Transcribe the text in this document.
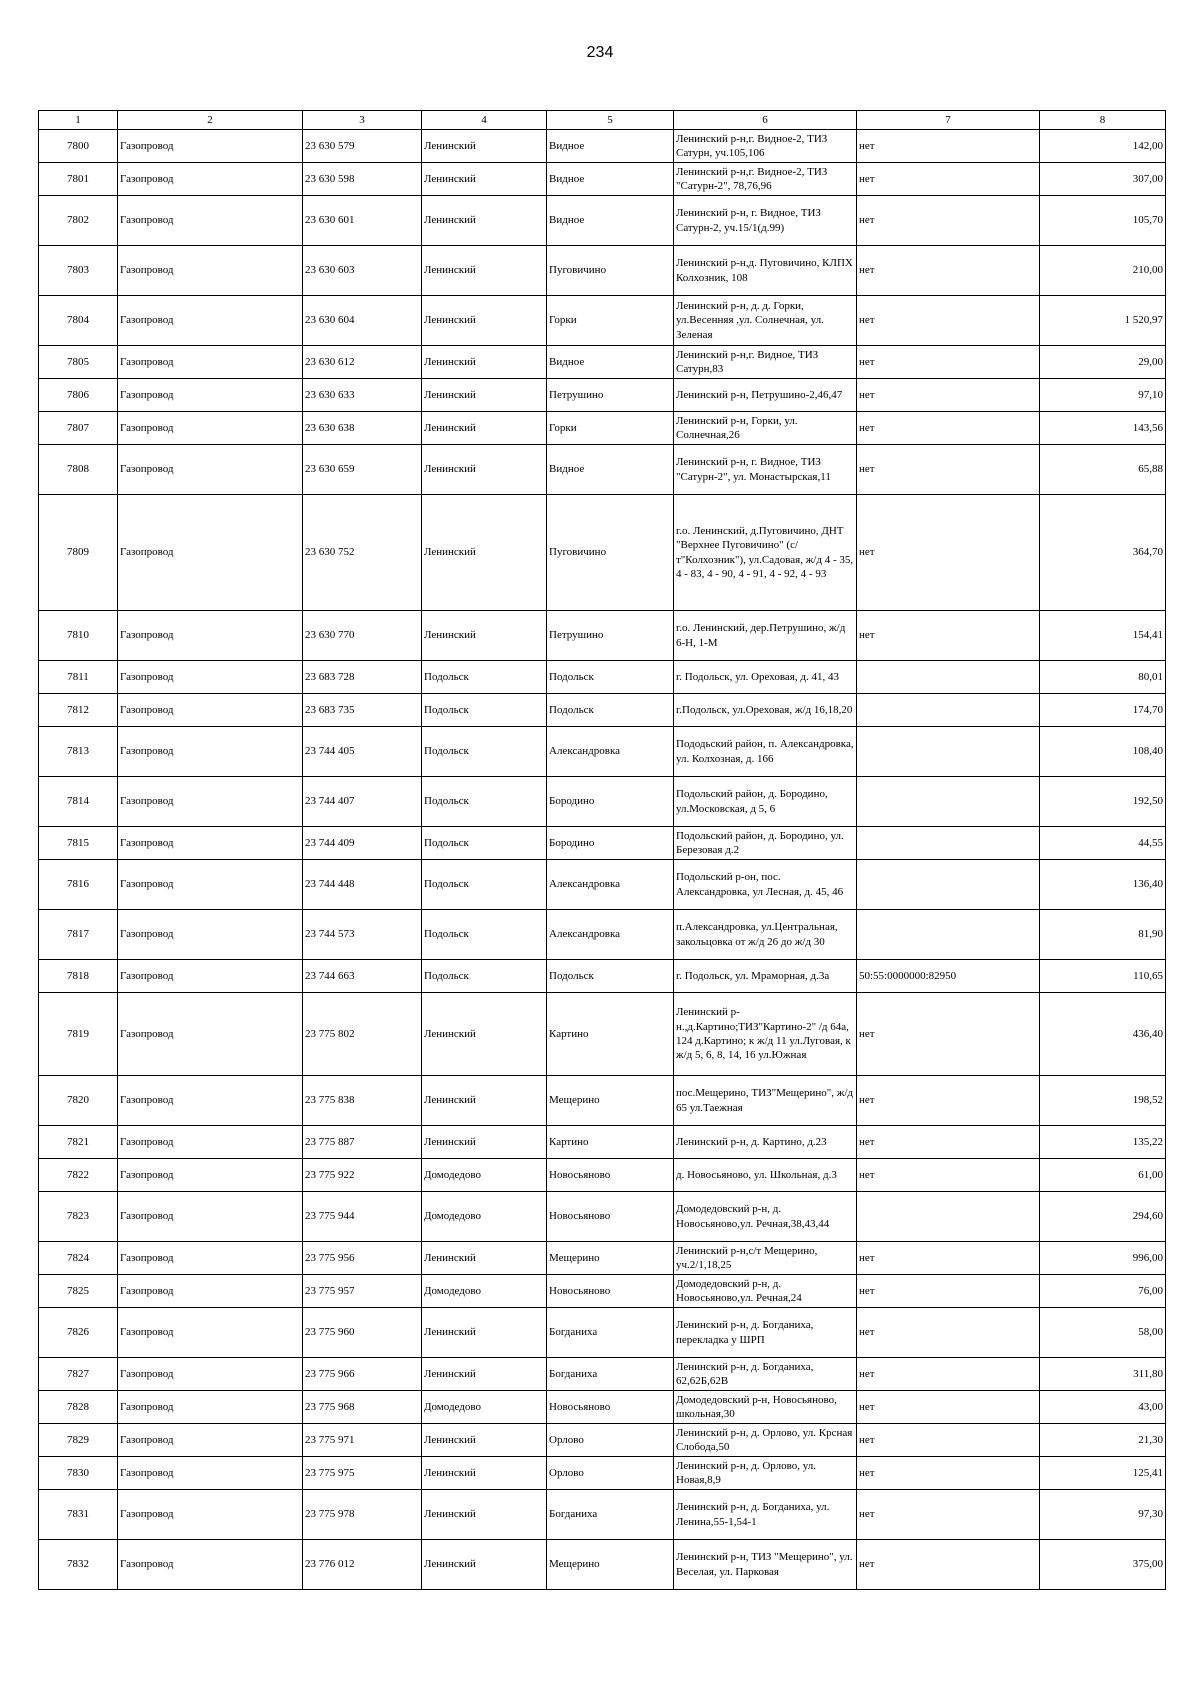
234
1	2	3	4	5	6	7	8
7800	Газопровод	23 630 579	Ленинский	Видное	Ленинский р-н,г. Видное-2, ТИЗ Сатурн, уч.105,106	нет	142,00
7801	Газопровод	23 630 598	Ленинский	Видное	Ленинский р-н,г. Видное-2, ТИЗ "Сатурн-2", 78,76,96	нет	307,00
7802	Газопровод	23 630 601	Ленинский	Видное	Ленинский р-н, г. Видное, ТИЗ Сатурн-2, уч.15/1(д.99)	нет	105,70
7803	Газопровод	23 630 603	Ленинский	Пуговичино	Ленинский р-н,д. Пуговичино, КЛПХ Колхозник, 108	нет	210,00
7804	Газопровод	23 630 604	Ленинский	Горки	Ленинский р-н, д. д. Горки, ул.Весенняя ,ул. Солнечная, ул. Зеленая	нет	1 520,97
7805	Газопровод	23 630 612	Ленинский	Видное	Ленинский р-н,г. Видное, ТИЗ Сатурн,83	нет	29,00
7806	Газопровод	23 630 633	Ленинский	Петрушино	Ленинский р-н, Петрушино-2,46,47	нет	97,10
7807	Газопровод	23 630 638	Ленинский	Горки	Ленинский р-н, Горки, ул. Солнечная,26	нет	143,56
7808	Газопровод	23 630 659	Ленинский	Видное	Ленинский р-н, г. Видное, ТИЗ "Сатурн-2", ул. Монастырская,11	нет	65,88
7809	Газопровод	23 630 752	Ленинский	Пуговичино	г.о. Ленинский, д.Пуговичино, ДНТ "Верхнее Пуговичино" (с/т"Колхозник"), ул.Садовая, ж/д 4 - 35, 4 - 83, 4 - 90, 4 - 91, 4 - 92, 4 - 93	нет	364,70
7810	Газопровод	23 630 770	Ленинский	Петрушино	г.о. Ленинский, дер.Петрушино, ж/д 6-Н, 1-М	нет	154,41
7811	Газопровод	23 683 728	Подольск	Подольск	г. Подольск, ул. Ореховая, д. 41, 43		80,01
7812	Газопровод	23 683 735	Подольск	Подольск	г.Подольск, ул.Ореховая, ж/д 16,18,20		174,70
7813	Газопровод	23 744 405	Подольск	Александровка	Пододьский район, п. Александровка, ул. Колхозная, д. 166		108,40
7814	Газопровод	23 744 407	Подольск	Бородино	Подольский район, д. Бородино, ул.Московская, д 5, 6		192,50
7815	Газопровод	23 744 409	Подольск	Бородино	Подольский район, д. Бородино, ул. Березовая д.2		44,55
7816	Газопровод	23 744 448	Подольск	Александровка	Подольский р-он, пос. Александровка, ул Лесная, д. 45, 46		136,40
7817	Газопровод	23 744 573	Подольск	Александровка	п.Александровка, ул.Центральная, закольцовка от ж/д 26 до ж/д 30		81,90
7818	Газопровод	23 744 663	Подольск	Подольск	г. Подольск, ул. Мраморная, д.3а	50:55:0000000:82950	110,65
7819	Газопровод	23 775 802	Ленинский	Картино	Ленинский р-н.,д.Картино;ТИЗ"Картино-2" /д 64а, 124 д.Картино; к ж/д 11 ул.Луговая, к ж/д 5, 6, 8, 14, 16 ул.Южная	нет	436,40
7820	Газопровод	23 775 838	Ленинский	Мещерино	пос.Мещерино, ТИЗ"Мещерино", ж/д 65 ул.Таежная	нет	198,52
7821	Газопровод	23 775 887	Ленинский	Картино	Ленинский р-н, д. Картино, д.23	нет	135,22
7822	Газопровод	23 775 922	Домодедово	Новосьяново	д. Новосьяново, ул. Школьная, д.3	нет	61,00
7823	Газопровод	23 775 944	Домодедово	Новосьяново	Домодедовский р-н, д. Новосьяново,ул. Речная,38,43,44		294,60
7824	Газопровод	23 775 956	Ленинский	Мещерино	Ленинский р-н,с/т Мещерино, уч.2/1,18,25	нет	996,00
7825	Газопровод	23 775 957	Домодедово	Новосьяново	Домодедовский р-н, д. Новосьяново,ул. Речная,24	нет	76,00
7826	Газопровод	23 775 960	Ленинский	Богданиха	Ленинский р-н, д. Богданиха, перекладка у ШРП	нет	58,00
7827	Газопровод	23 775 966	Ленинский	Богданиха	Ленинский р-н, д. Богданиха, 62,62Б,62В	нет	311,80
7828	Газопровод	23 775 968	Домодедово	Новосьяново	Домодедовский р-н, Новосьяново, школьная,30	нет	43,00
7829	Газопровод	23 775 971	Ленинский	Орлово	Ленинский р-н, д. Орлово, ул. Крсная Слобода,50	нет	21,30
7830	Газопровод	23 775 975	Ленинский	Орлово	Ленинский р-н, д. Орлово, ул. Новая,8,9	нет	125,41
7831	Газопровод	23 775 978	Ленинский	Богданиха	Ленинский р-н, д. Богданиха, ул. Ленина,55-1,54-1	нет	97,30
7832	Газопровод	23 776 012	Ленинский	Мещерино	Ленинский р-н, ТИЗ "Мещерино", ул. Веселая, ул. Парковая	нет	375,00
